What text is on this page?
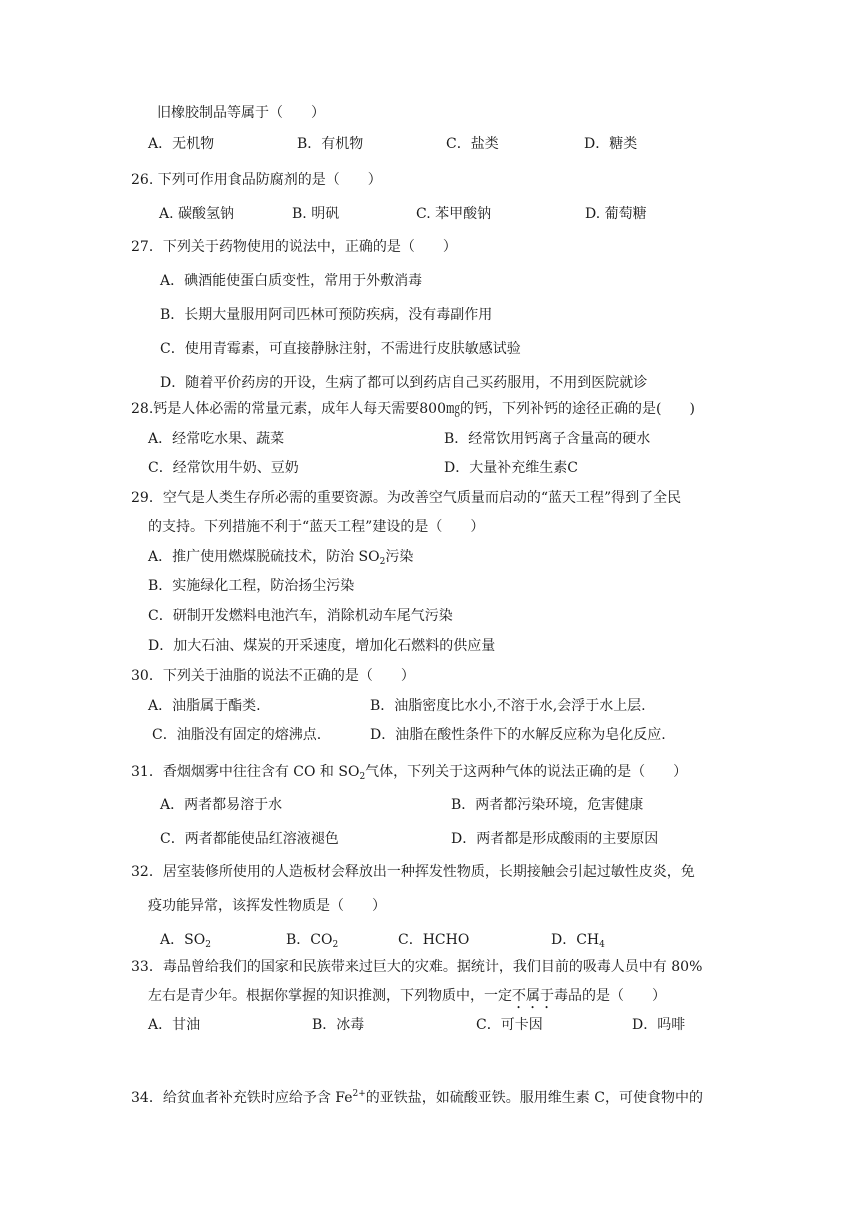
旧橡胶制品等属于（　　）
A．无机物	B．有机物	C．盐类	D．糖类
26. 下列可作用食品防腐剂的是（　　）
A. 碳酸氢钠	B. 明矾	C. 苯甲酸钠	D. 葡萄糖
27．下列关于药物使用的说法中，正确的是（　　）
A．碘酒能使蛋白质变性，常用于外敷消毒
B．长期大量服用阿司匹林可预防疾病，没有毒副作用
C．使用青霉素，可直接静脉注射，不需进行皮肤敏感试验
D．随着平价药房的开设，生病了都可以到药店自己买药服用，不用到医院就诊
28.钙是人体必需的常量元素，成年人每天需要800㎎的钙，下列补钙的途径正确的是(　　)
A．经常吃水果、蔬菜	B．经常饮用钙离子含量高的硬水
C．经常饮用牛奶、豆奶	D．大量补充维生素C
29．空气是人类生存所必需的重要资源。为改善空气质量而启动的“蓝天工程”得到了全民
的支持。下列措施不利于“蓝天工程”建设的是（　　）
A．推广使用燃煤脱硫技术，防治 $SO_2$污染
B．实施绿化工程，防治扬尘污染
C．研制开发燃料电池汽车，消除机动车尾气污染
D．加大石油、煤炭的开采速度，增加化石燃料的供应量
30．下列关于油脂的说法不正确的是（　　）
A．油脂属于酯类.	B．油脂密度比水小,不溶于水,会浮于水上层.
C．油脂没有固定的熔沸点.	D．油脂在酸性条件下的水解反应称为皂化反应.
31．香烟烟雾中往往含有 CO 和 $SO_2$气体，下列关于这两种气体的说法正确的是（　　）
A．两者都易溶于水	B．两者都污染环境，危害健康
C．两者都能使品红溶液褪色	D．两者都是形成酸雨的主要原因
32．居室装修所使用的人造板材会释放出一种挥发性物质，长期接触会引起过敏性皮炎，免
疫功能异常，该挥发性物质是（　　）
A．$SO_2$	B．$CO_2$	C．HCHO	D．$CH_4$
33．毒品曾给我们的国家和民族带来过巨大的灾难。据统计，我们目前的吸毒人员中有 80%
左右是青少年。根据你掌握的知识推测，下列物质中，一定不属于毒品的是（　　）
A．甘油	B．冰毒	C．可卡因	D．吗啡
34．给贫血者补充铁时应给予含 $Fe^{2+}$的亚铁盐，如硫酸亚铁。服用维生素 C，可使食物中的
